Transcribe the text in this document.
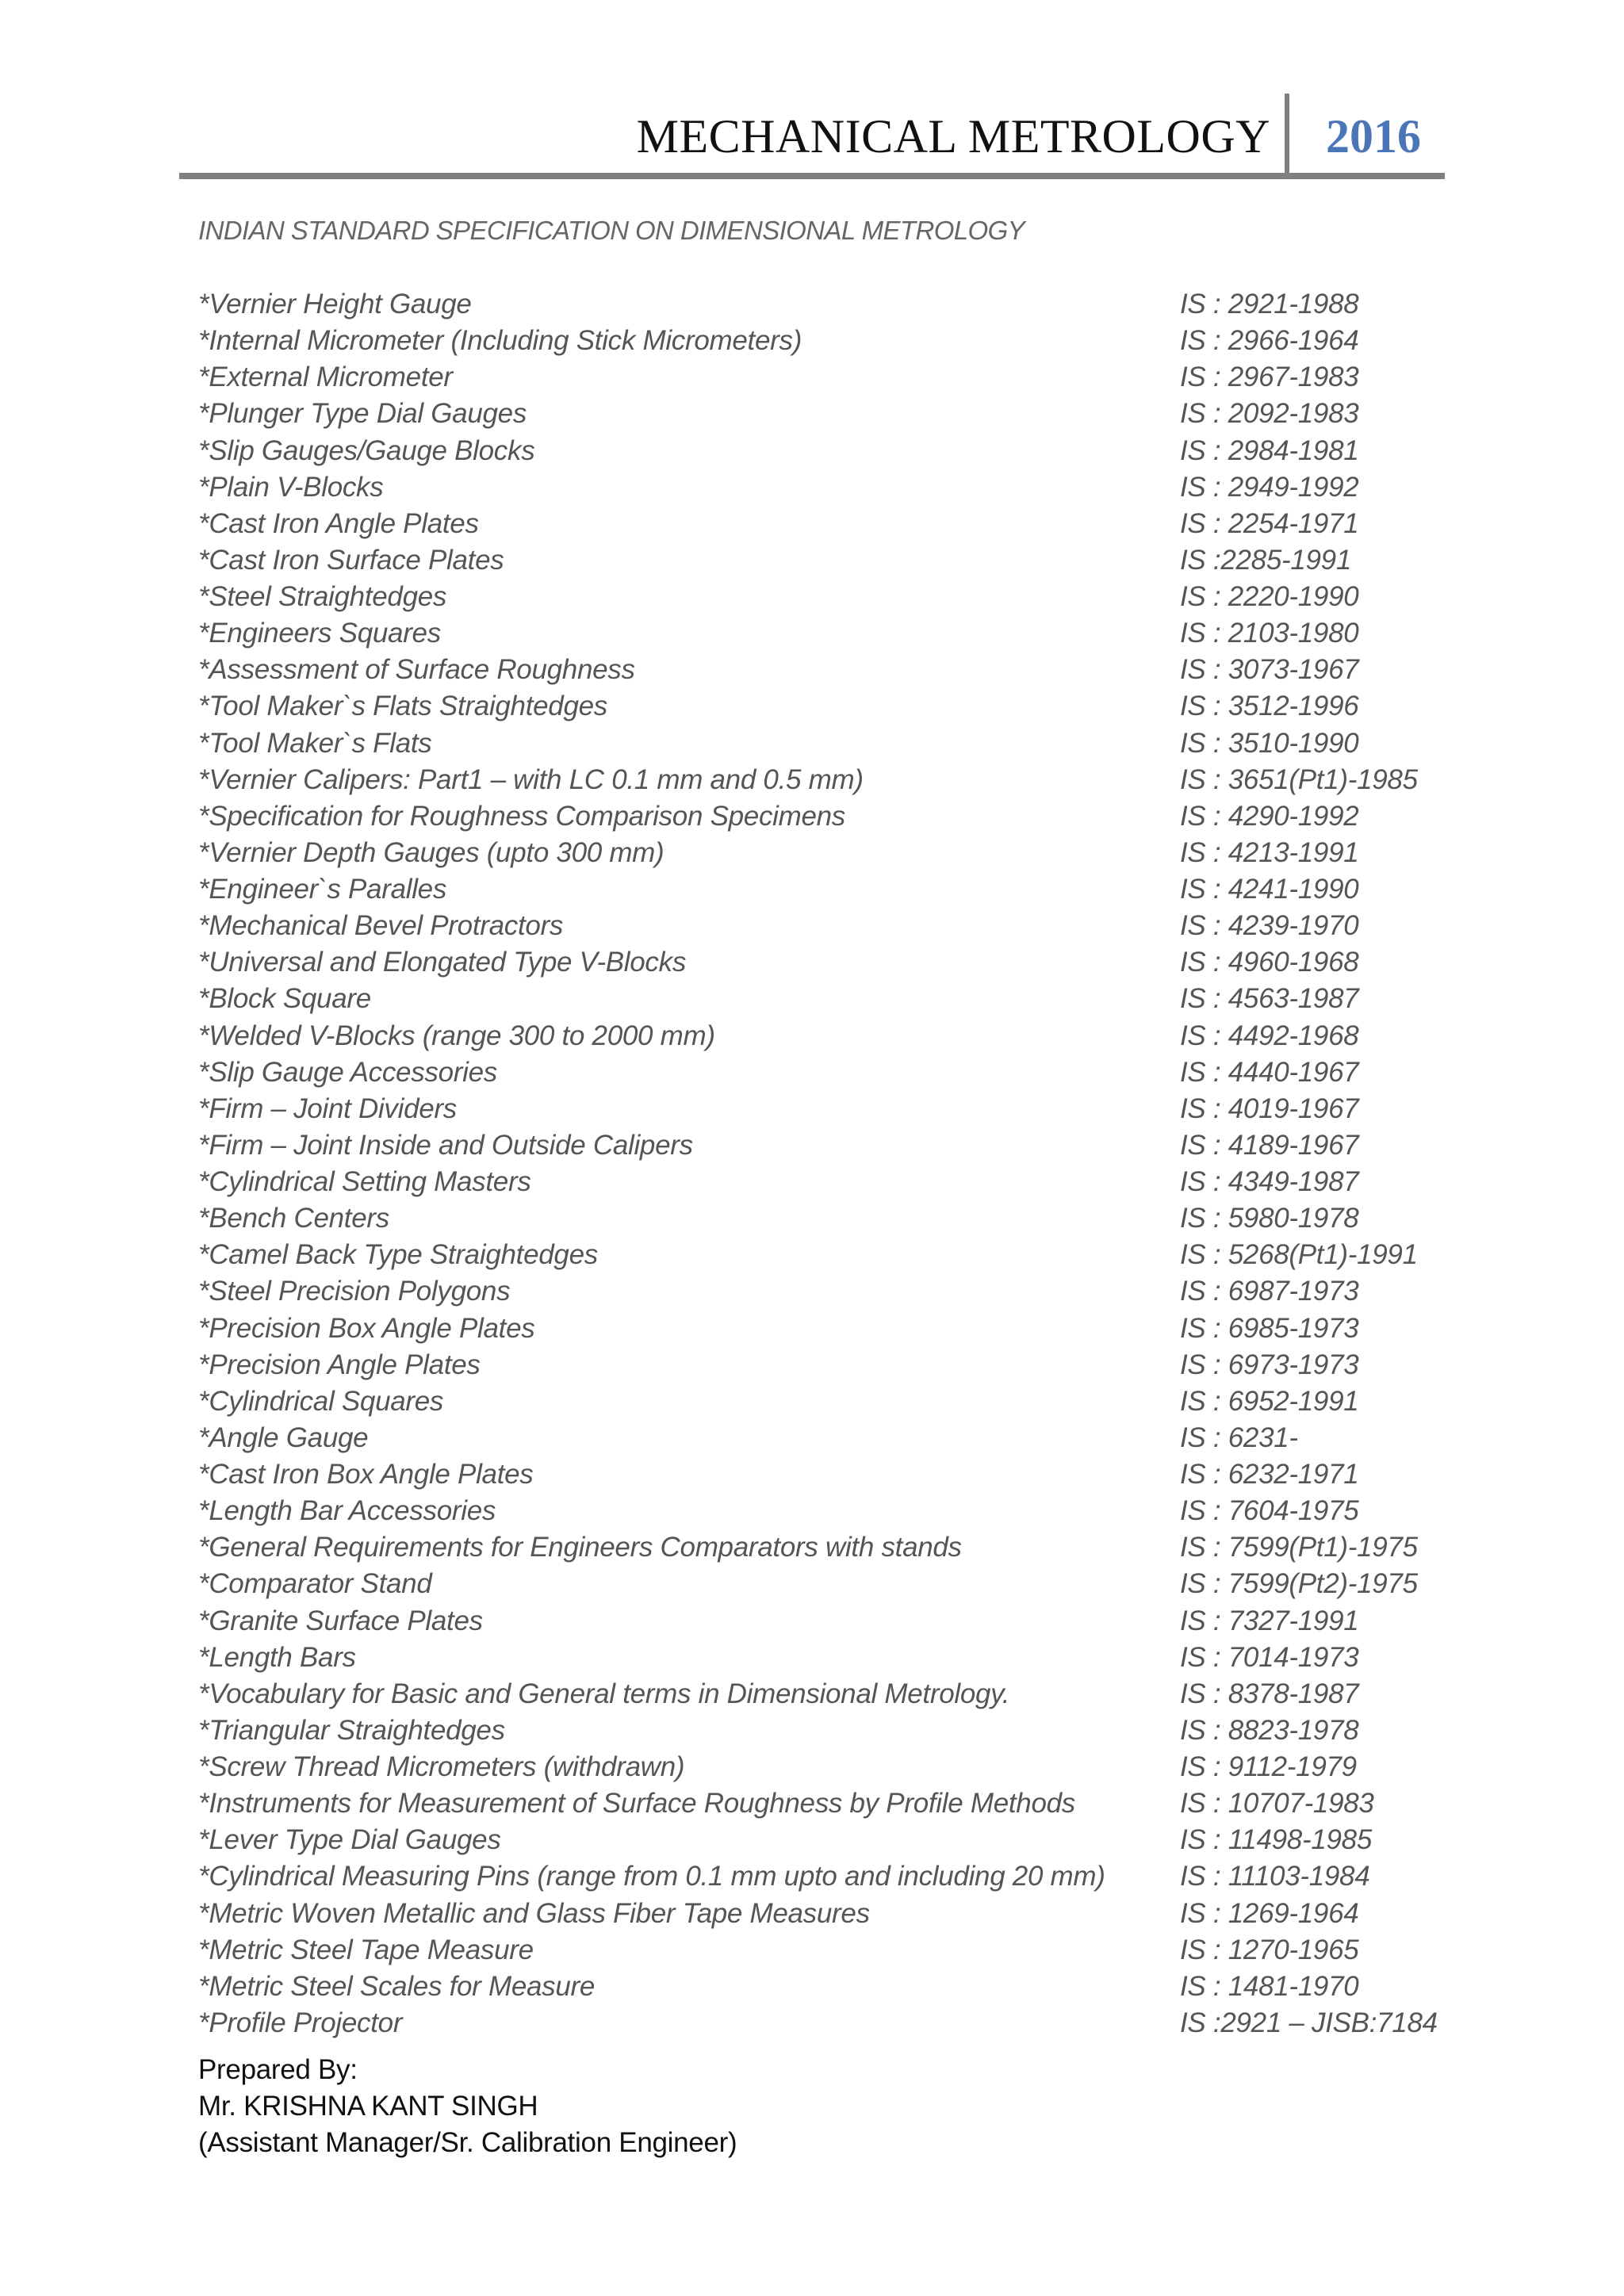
MECHANICAL METROLOGY 2016
INDIAN STANDARD SPECIFICATION ON DIMENSIONAL METROLOGY
*Vernier Height Gauge	IS : 2921-1988
*Internal Micrometer (Including Stick Micrometers)	IS : 2966-1964
*External Micrometer	IS : 2967-1983
*Plunger Type Dial Gauges	IS : 2092-1983
*Slip Gauges/Gauge Blocks	IS : 2984-1981
*Plain V-Blocks	IS : 2949-1992
*Cast Iron Angle Plates	IS : 2254-1971
*Cast Iron Surface Plates	IS :2285-1991
*Steel Straightedges	IS : 2220-1990
*Engineers Squares	IS : 2103-1980
*Assessment of Surface Roughness	IS : 3073-1967
*Tool Maker`s Flats Straightedges	IS : 3512-1996
*Tool Maker`s Flats	IS : 3510-1990
*Vernier Calipers: Part1 – with LC 0.1 mm and 0.5 mm)	IS : 3651(Pt1)-1985
*Specification for Roughness Comparison Specimens	IS : 4290-1992
*Vernier Depth Gauges (upto 300 mm)	IS : 4213-1991
*Engineer`s Paralles	IS : 4241-1990
*Mechanical Bevel Protractors	IS : 4239-1970
*Universal and Elongated Type V-Blocks	IS : 4960-1968
*Block Square	IS : 4563-1987
*Welded V-Blocks (range 300 to 2000 mm)	IS : 4492-1968
*Slip Gauge Accessories	IS : 4440-1967
*Firm – Joint Dividers	IS : 4019-1967
*Firm – Joint Inside and Outside Calipers	IS : 4189-1967
*Cylindrical Setting Masters	IS : 4349-1987
*Bench Centers	IS : 5980-1978
*Camel Back Type Straightedges	IS : 5268(Pt1)-1991
*Steel Precision Polygons	IS : 6987-1973
*Precision Box Angle Plates	IS : 6985-1973
*Precision Angle Plates	IS : 6973-1973
*Cylindrical Squares	IS : 6952-1991
*Angle Gauge	IS : 6231-
*Cast Iron Box Angle Plates	IS : 6232-1971
*Length Bar Accessories	IS : 7604-1975
*General Requirements for Engineers Comparators with stands	IS : 7599(Pt1)-1975
*Comparator Stand	IS : 7599(Pt2)-1975
*Granite Surface Plates	IS : 7327-1991
*Length Bars	IS : 7014-1973
*Vocabulary for Basic and General terms in Dimensional Metrology.	IS : 8378-1987
*Triangular Straightedges	IS : 8823-1978
*Screw Thread Micrometers (withdrawn)	IS : 9112-1979
*Instruments for Measurement of Surface Roughness by Profile Methods	IS : 10707-1983
*Lever Type Dial Gauges	IS : 11498-1985
*Cylindrical Measuring Pins (range from 0.1 mm upto and including 20 mm)	IS : 11103-1984
*Metric Woven Metallic and Glass Fiber Tape Measures	IS : 1269-1964
*Metric Steel Tape Measure	IS : 1270-1965
*Metric Steel Scales for Measure	IS : 1481-1970
*Profile Projector	IS :2921 – JISB:7184
Prepared By:
Mr. KRISHNA KANT SINGH
(Assistant Manager/Sr. Calibration Engineer)
